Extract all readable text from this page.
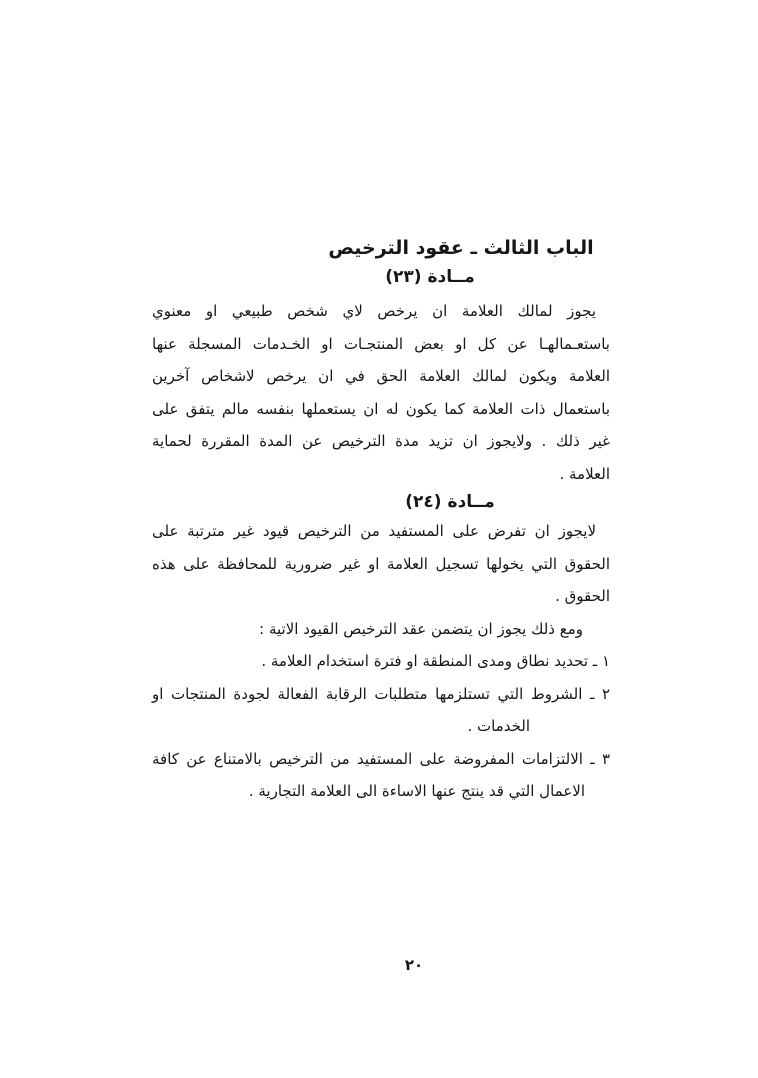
الباب الثالث ـ عقود الترخيص
مــادة (٢٣)
يجوز لمالك العلامة ان يرخص لاي شخص طبيعي او معنوي
باستعـمالهـا عن كل او بعض المنتجـات او الخـدمات المسجلة عنها
العلامة ويكون لمالك العلامة الحق في ان يرخص لاشخاص آخرين
باستعمال ذات العلامة كما يكون له ان يستعملها بنفسه مالم يتفق على
غير ذلك . ولايجوز ان تزيد مدة الترخيص عن المدة المقررة لحماية
العلامة .
مــادة (٢٤)
لايجوز ان تفرض على المستفيد من الترخيص قيود غير مترتبة على
الحقوق التي يخولها تسجيل العلامة او غير ضرورية للمحافظة على هذه
الحقوق .
ومع ذلك يجوز ان يتضمن عقد الترخيص القيود الاتية :
١ ـ تحديد نطاق ومدى المنطقة او فترة استخدام العلامة .
٢ ـ الشروط التي تستلزمها متطلبات الرقابة الفعالة لجودة المنتجات او
الخدمات .
٣ ـ الالتزامات المفروضة على المستفيد من الترخيص بالامتناع عن كافة
الاعمال التي قد ينتج عنها الاساءة الى العلامة التجارية .
٢٠
